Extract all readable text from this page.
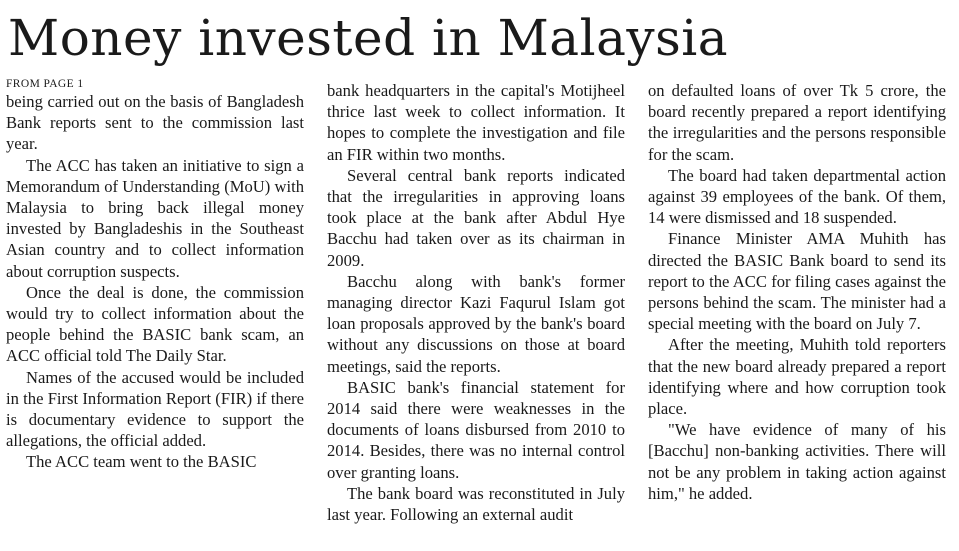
Money invested in Malaysia

FROM PAGE 1

being carried out on the basis of Bangladesh Bank reports sent to the commission last year.

The ACC has taken an initiative to sign a Memorandum of Understanding (MoU) with Malaysia to bring back illegal money invested by Bangladeshis in the Southeast Asian country and to collect information about corruption suspects.

Once the deal is done, the commission would try to collect information about the people behind the BASIC bank scam, an ACC official told The Daily Star.

Names of the accused would be included in the First Information Report (FIR) if there is documentary evidence to support the allegations, the official added.

The ACC team went to the BASIC

bank headquarters in the capital's Motijheel thrice last week to collect information. It hopes to complete the investigation and file an FIR within two months.

Several central bank reports indicated that the irregularities in approving loans took place at the bank after Abdul Hye Bacchu had taken over as its chairman in 2009.

Bacchu along with bank's former managing director Kazi Faqurul Islam got loan proposals approved by the bank's board without any discussions on those at board meetings, said the reports.

BASIC bank's financial statement for 2014 said there were weaknesses in the documents of loans disbursed from 2010 to 2014. Besides, there was no internal control over granting loans.

The bank board was reconstituted in July last year. Following an external audit

on defaulted loans of over Tk 5 crore, the board recently prepared a report identifying the irregularities and the persons responsible for the scam.

The board had taken departmental action against 39 employees of the bank. Of them, 14 were dismissed and 18 suspended.

Finance Minister AMA Muhith has directed the BASIC Bank board to send its report to the ACC for filing cases against the persons behind the scam. The minister had a special meeting with the board on July 7.

After the meeting, Muhith told reporters that the new board already prepared a report identifying where and how corruption took place.

"We have evidence of many of his [Bacchu] non-banking activities. There will not be any problem in taking action against him," he added.
